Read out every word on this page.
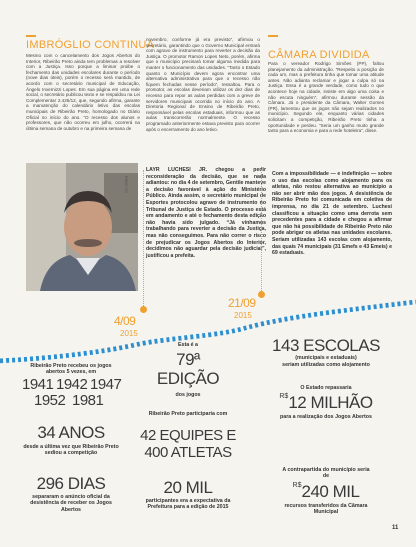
IMBRÓGLIO CONTINUA
Mesmo com o cancelamento dos Jogos Abertos do Interior, Ribeirão Preto ainda tem problemas a resolver com a Justiça. Isso porque a liminar proibe o fechamento das unidades escolares durante o período (nove dias úteis), porém o recesso será mantido, de acordo com o secretário municipal de Educação, Ângelo Invernizzi Lopes. Em sua página em uma rede social, o secretário publicou texto e se respaldou na Lei Complementar 2.425/12, que, segundo afirma, garante a manutenção do calendário letivo das escolas municipais de Ribeirão Preto, homologado no Diário Oficial no início do ano. “O recesso dos alunos e professores, que não ocorreu em julho, ocorrerá na última semana de outubro e na primeira semana de
novembro, conforme já era previsto”, afirmou o secretário, garantindo que o Governo Municipal entrará com agravo de instrumento para reverter a decisão da Justiça. O promotor Ramon Lopes Neto, porém, afirma que o município precisará tomar alguma medida para manter o funcionamento das unidades. “Tanto o Estado quanto o Município devem agora encontrar uma alternativa administrativa para que o recesso não fiquem fechadas nesse período”, ressaltou. Para o promotor, as escolas deveriam utilizar os dez dias de recesso para repor as aulas perdidas com a greve de servidores municipais ocorrida no início do ano. A Diretoria Regional de Ensino de Ribeirão Preto, responsável pelas escolas estaduais, informou que as aulas transcorrerão normalmente. O recesso programado anteriormente estava previsto para ocorrer após o encerramento do ano letivo.
CÂMARA DIVIDIDA
Para o vereador Rodrigo Simões (PP), faltou planejamento da administração. “Respeito a posição de cada um, mas a prefeitura tinha que tomar uma atitude antes. Não adianta reclamar e jogar a culpa só na Justiça. Essa é a grande verdade, como tudo o que acontece hoje na cidade, insiste em algo uma coisa e não escuta ninguém”, afirmou durante sessão da Câmara. Já o presidente da Câmara, Walter Gomes (PR), lamentou que os jogos não sejam realizados no município. Segundo ele, enquanto várias cidades solicitam a competição, Ribeirão Preto tinha a oportunidade e perdeu. “Seria um ganho muito grande tanto para a economia e para a rede hoteleira”, disse.
FABIO ITO
LAYR LUCHESI JR. chegou a pedir reconsideração da decisão, que se nada adiantou: no dia 4 de setembro, Gentile manteve a decisão favorável à ação do Ministério Público. Ainda assim, o secretário municipal de Esportes protocolou agravo de instrumento no Tribunal de Justiça de Estado. O processo está em andamento e até o fechamento desta edição não havia sido julgado. “Já vínhamos trabalhando para reverter a decisão da Justiça, mas não conseguimos. Para não correr o risco de prejudicar os Jogos Abertos do Interior, decidimos não aguardar pela decisão judicial”, justificou a prefeita.
Com a impossibilidade — e indefinição — sobre o uso das escolas como alojamento para os atletas, não restou alternativa ao município a não ser abrir mão dos jogos. A desistência de Ribeirão Preto foi comunicada em coletiva de imprensa, no dia 21 de setembro. Luchesi classificou a situação como uma derrota sem precedentes para a cidade e chegou a afirmar que não há possibilidade de Ribeirão Preto não pode abrigar os atletas nas unidades escolares. Seriam utilizadas 143 escolas com alojamento, das quais 74 municipais (31 Emefs e 43 Emeis) e 69 estaduais.
4/09
2015
21/09
2015
Ribeirão Preto recebeu os jogos abertos 5 vezes, em
1941 1942 1947
1952 1981
34 ANOS
desde a última vez que Ribeirão Preto sediou a competição
296 DIAS
separaram o anúncio oficial da desistência de receber os Jogos Abertos
Esta é a
79ª
EDIÇÃO
dos jogos
Ribeirão Preto participaria com
42 EQUIPES E
400 ATLETAS
20 MIL
participantes era a expectativa da Prefeitura para a edição de 2015
143 ESCOLAS
(municipais e estaduais)
seriam utilizadas como alojamento
O Estado repassaria
$^{R\$}$12 MILHÃO
para a realização dos Jogos Abertos
A contrapartida do município seria de
$^{R\$}$240 MIL
recursos transferidos da Câmara Municipal
11
